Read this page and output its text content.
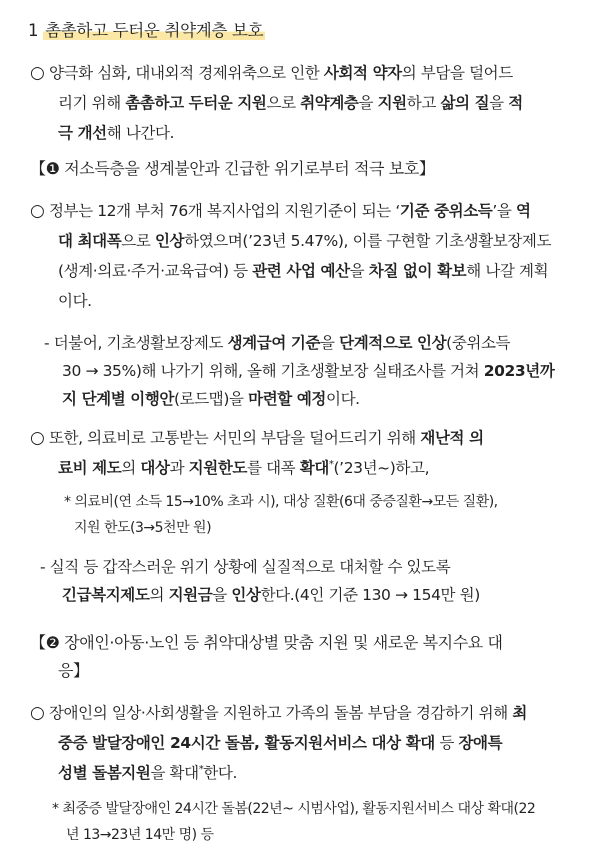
1 촘촘하고 두터운 취약계층 보호
○ 양극화 심화, 대내외적 경제위축으로 인한 사회적 약자의 부담을 덜어드
리기 위해 촘촘하고 두터운 지원으로 취약계층을 지원하고 삶의 질을 적
극 개선해 나간다.
【❶ 저소득층을 생계불안과 긴급한 위기로부터 적극 보호】
○ 정부는 12개 부처 76개 복지사업의 지원기준이 되는 ‘기준 중위소득’을 역
대 최대폭으로 인상하였으며(’23년 5.47%), 이를 구현할 기초생활보장제도
(생계·의료·주거·교육급여) 등 관련 사업 예산을 차질 없이 확보해 나갈 계획
이다.
- 더불어, 기초생활보장제도 생계급여 기준을 단계적으로 인상(중위소득
30 → 35%)해 나가기 위해, 올해 기초생활보장 실태조사를 거쳐 2023년까
지 단계별 이행안(로드맵)을 마련할 예정이다.
○ 또한, 의료비로 고통받는 서민의 부담을 덜어드리기 위해 재난적 의
료비 제도의 대상과 지원한도를 대폭 확대*(’23년~)하고,
* 의료비(연 소득 15→10% 초과 시), 대상 질환(6대 중증질환→모든 질환),
지원 한도(3→5천만 원)
- 실직 등 갑작스러운 위기 상황에 실질적으로 대처할 수 있도록
긴급복지제도의 지원금을 인상한다.(4인 기준 130 → 154만 원)
【❷ 장애인·아동·노인 등 취약대상별 맞춤 지원 및 새로운 복지수요 대
응】
○ 장애인의 일상·사회생활을 지원하고 가족의 돌봄 부담을 경감하기 위해 최
중증 발달장애인 24시간 돌봄, 활동지원서비스 대상 확대 등 장애특
성별 돌봄지원을 확대*한다.
* 최중증 발달장애인 24시간 돌봄(22년~ 시범사업), 활동지원서비스 대상 확대(22
년 13→23년 14만 명) 등
